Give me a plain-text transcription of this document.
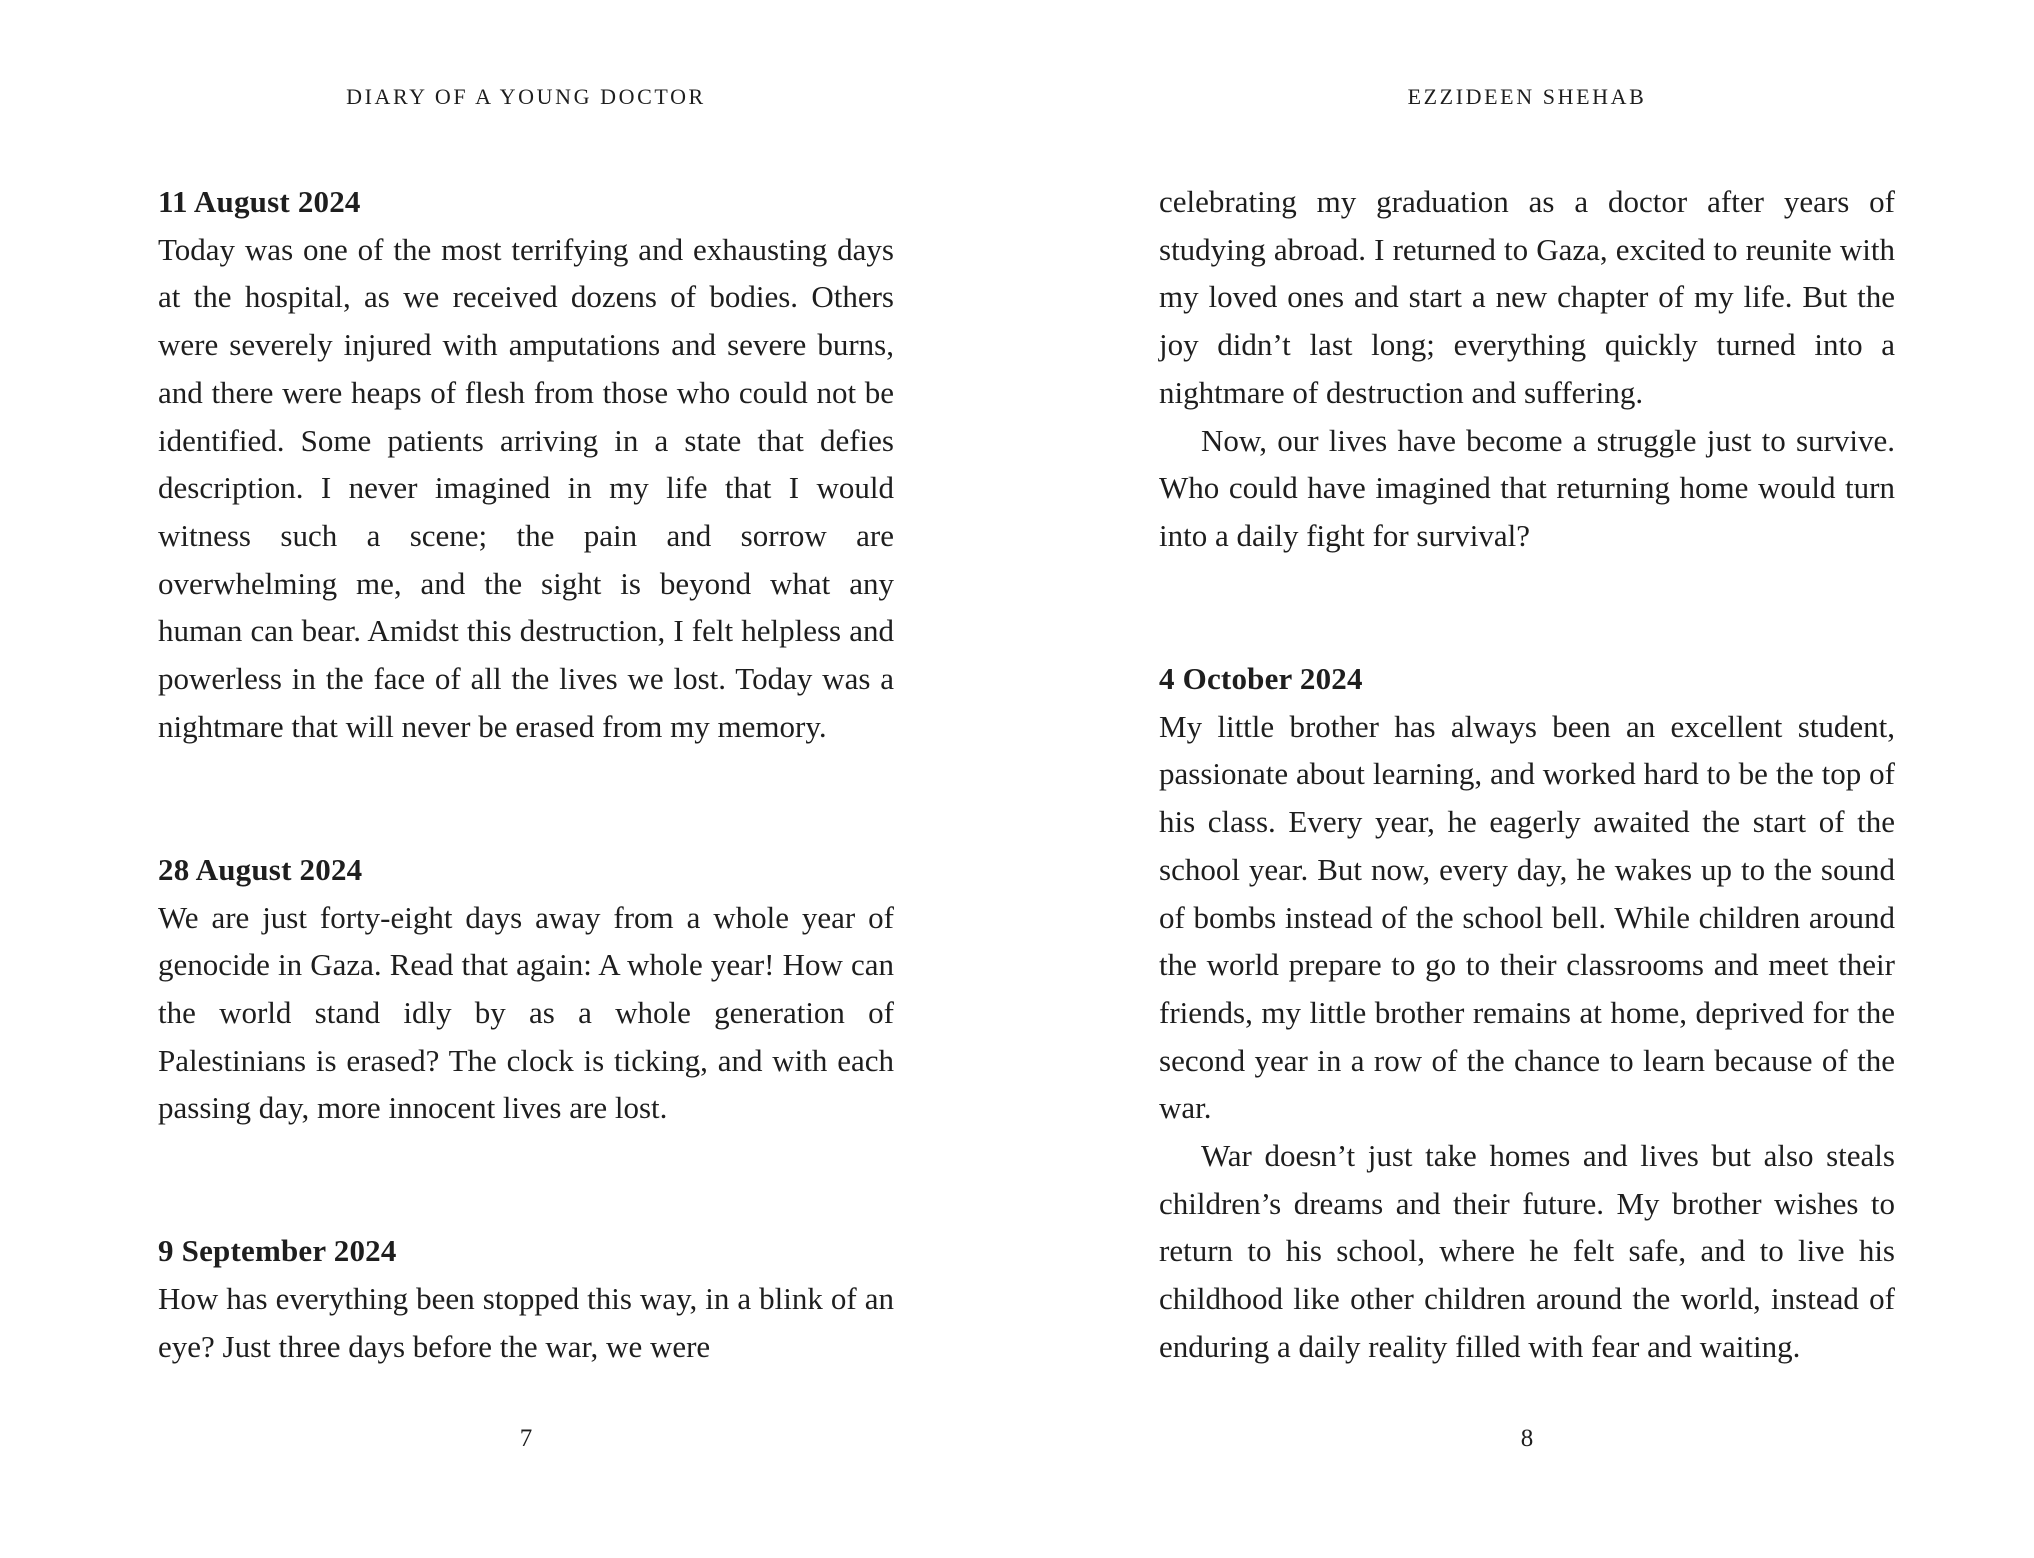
DIARY OF A YOUNG DOCTOR
11 August 2024

Today was one of the most terrifying and exhausting days at the hospital, as we received dozens of bodies. Others were severely injured with amputations and severe burns, and there were heaps of flesh from those who could not be identified. Some patients arriving in a state that defies description. I never imagined in my life that I would witness such a scene; the pain and sorrow are overwhelming me, and the sight is beyond what any human can bear. Amidst this destruction, I felt helpless and powerless in the face of all the lives we lost. Today was a nightmare that will never be erased from my memory.

28 August 2024

We are just forty-eight days away from a whole year of genocide in Gaza. Read that again: A whole year! How can the world stand idly by as a whole generation of Palestinians is erased? The clock is ticking, and with each passing day, more innocent lives are lost.

9 September 2024

How has everything been stopped this way, in a blink of an eye? Just three days before the war, we were

7
EZZIDEEN SHEHAB

celebrating my graduation as a doctor after years of studying abroad. I returned to Gaza, excited to reunite with my loved ones and start a new chapter of my life. But the joy didn’t last long; everything quickly turned into a nightmare of destruction and suffering.

Now, our lives have become a struggle just to survive. Who could have imagined that returning home would turn into a daily fight for survival?

4 October 2024

My little brother has always been an excellent student, passionate about learning, and worked hard to be the top of his class. Every year, he eagerly awaited the start of the school year. But now, every day, he wakes up to the sound of bombs instead of the school bell. While children around the world prepare to go to their classrooms and meet their friends, my little brother remains at home, deprived for the second year in a row of the chance to learn because of the war.

War doesn’t just take homes and lives but also steals children’s dreams and their future. My brother wishes to return to his school, where he felt safe, and to live his childhood like other children around the world, instead of enduring a daily reality filled with fear and waiting.

8
